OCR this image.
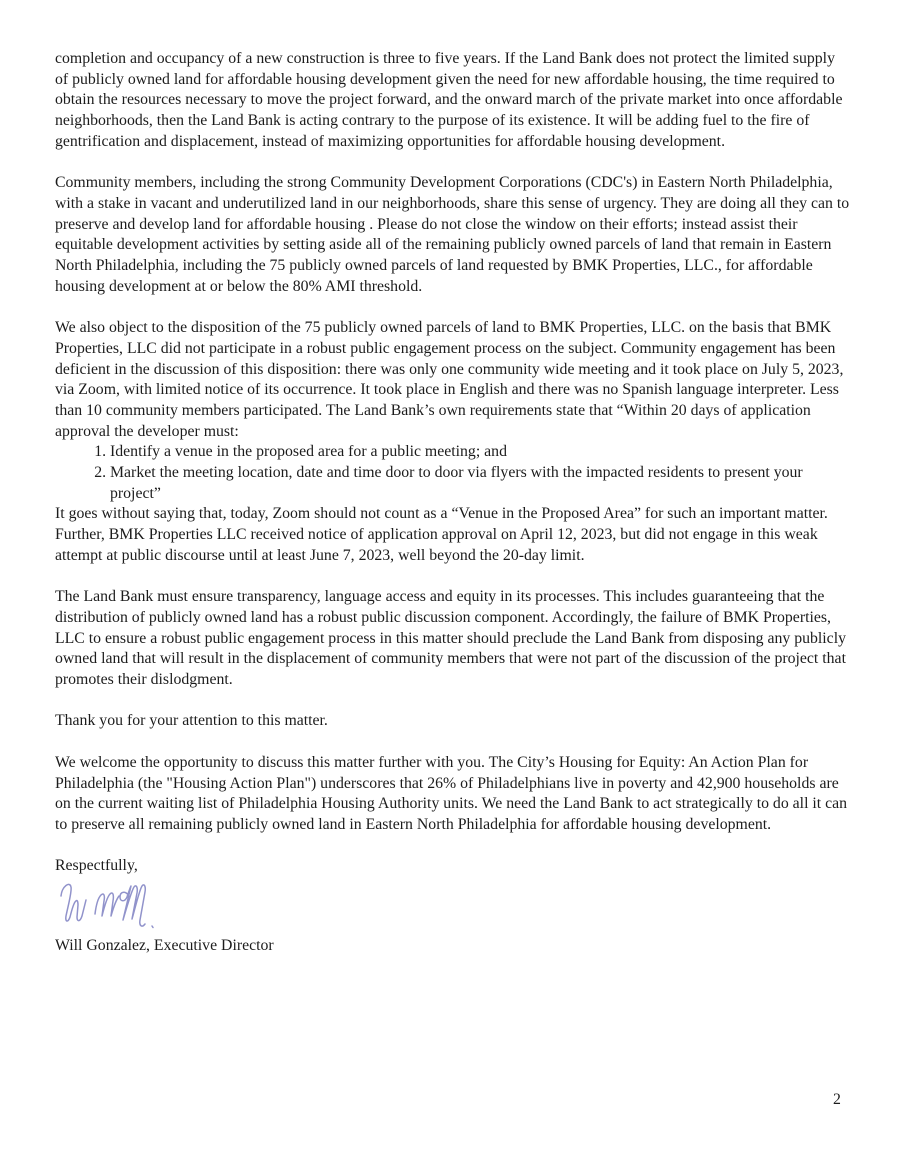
completion and occupancy of a new construction is three to five years. If the Land Bank does not protect the limited supply of publicly owned land for affordable housing development given the need for new affordable housing, the time required to obtain the resources necessary to move the project forward, and the onward march of the private market into once affordable neighborhoods, then the Land Bank is acting contrary to the purpose of its existence. It will be adding fuel to the fire of gentrification and displacement, instead of maximizing opportunities for affordable housing development.

Community members, including the strong Community Development Corporations (CDC's) in Eastern North Philadelphia, with a stake in vacant and underutilized land in our neighborhoods, share this sense of urgency. They are doing all they can to preserve and develop land for affordable housing . Please do not close the window on their efforts; instead assist their equitable development activities by setting aside all of the remaining publicly owned parcels of land that remain in Eastern North Philadelphia, including the 75 publicly owned parcels of land requested by BMK Properties, LLC., for affordable housing development at or below the 80% AMI threshold.

We also object to the disposition of the 75 publicly owned parcels of land to BMK Properties, LLC. on the basis that BMK Properties, LLC did not participate in a robust public engagement process on the subject. Community engagement has been deficient in the discussion of this disposition: there was only one community wide meeting and it took place on July 5, 2023, via Zoom, with limited notice of its occurrence. It took place in English and there was no Spanish language interpreter. Less than 10 community members participated. The Land Bank’s own requirements state that “Within 20 days of application approval the developer must:

1. Identify a venue in the proposed area for a public meeting; and
2. Market the meeting location, date and time door to door via flyers with the impacted residents to present your project”

It goes without saying that, today, Zoom should not count as a “Venue in the Proposed Area” for such an important matter. Further, BMK Properties LLC received notice of application approval on April 12, 2023, but did not engage in this weak attempt at public discourse until at least June 7, 2023, well beyond the 20-day limit.

The Land Bank must ensure transparency, language access and equity in its processes. This includes guaranteeing that the distribution of publicly owned land has a robust public discussion component. Accordingly, the failure of BMK Properties, LLC to ensure a robust public engagement process in this matter should preclude the Land Bank from disposing any publicly owned land that will result in the displacement of community members that were not part of the discussion of the project that promotes their dislodgment.

Thank you for your attention to this matter.

We welcome the opportunity to discuss this matter further with you. The City’s Housing for Equity: An Action Plan for Philadelphia (the "Housing Action Plan") underscores that 26% of Philadelphians live in poverty and 42,900 households are on the current waiting list of Philadelphia Housing Authority units. We need the Land Bank to act strategically to do all it can to preserve all remaining publicly owned land in Eastern North Philadelphia for affordable housing development.

Respectfully,

Will Gonzalez, Executive Director

2
